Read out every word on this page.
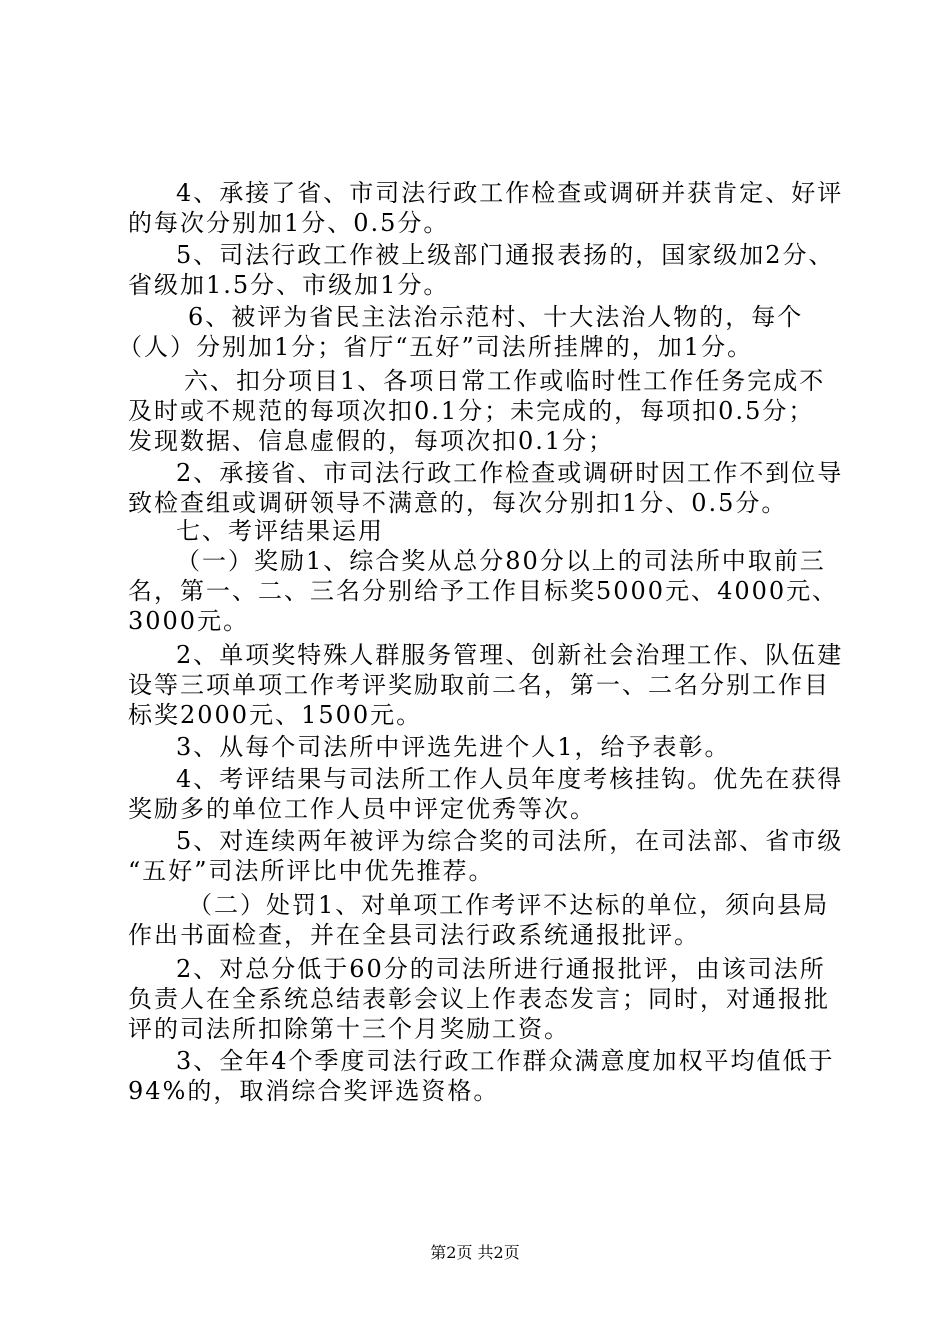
4、承接了省、市司法行政工作检查或调研并获肯定、好评
的每次分别加1分、0.5分。
5、司法行政工作被上级部门通报表扬的，国家级加2分、
省级加1.5分、市级加1分。
6、被评为省民主法治示范村、十大法治人物的，每个
（人）分别加1分；省厅“五好”司法所挂牌的，加1分。
六、扣分项目1、各项日常工作或临时性工作任务完成不
及时或不规范的每项次扣0.1分；未完成的，每项扣0.5分；
发现数据、信息虚假的，每项次扣0.1分；
2、承接省、市司法行政工作检查或调研时因工作不到位导
致检查组或调研领导不满意的，每次分别扣1分、0.5分。
七、考评结果运用
（一）奖励1、综合奖从总分80分以上的司法所中取前三
名，第一、二、三名分别给予工作目标奖5000元、4000元、
3000元。
2、单项奖特殊人群服务管理、创新社会治理工作、队伍建
设等三项单项工作考评奖励取前二名，第一、二名分别工作目
标奖2000元、1500元。
3、从每个司法所中评选先进个人1，给予表彰。
4、考评结果与司法所工作人员年度考核挂钩。优先在获得
奖励多的单位工作人员中评定优秀等次。
5、对连续两年被评为综合奖的司法所，在司法部、省市级
“五好”司法所评比中优先推荐。
（二）处罚1、对单项工作考评不达标的单位，须向县局
作出书面检查，并在全县司法行政系统通报批评。
2、对总分低于60分的司法所进行通报批评，由该司法所
负责人在全系统总结表彰会议上作表态发言；同时，对通报批
评的司法所扣除第十三个月奖励工资。
3、全年4个季度司法行政工作群众满意度加权平均值低于
94%的，取消综合奖评选资格。
第2页 共2页
